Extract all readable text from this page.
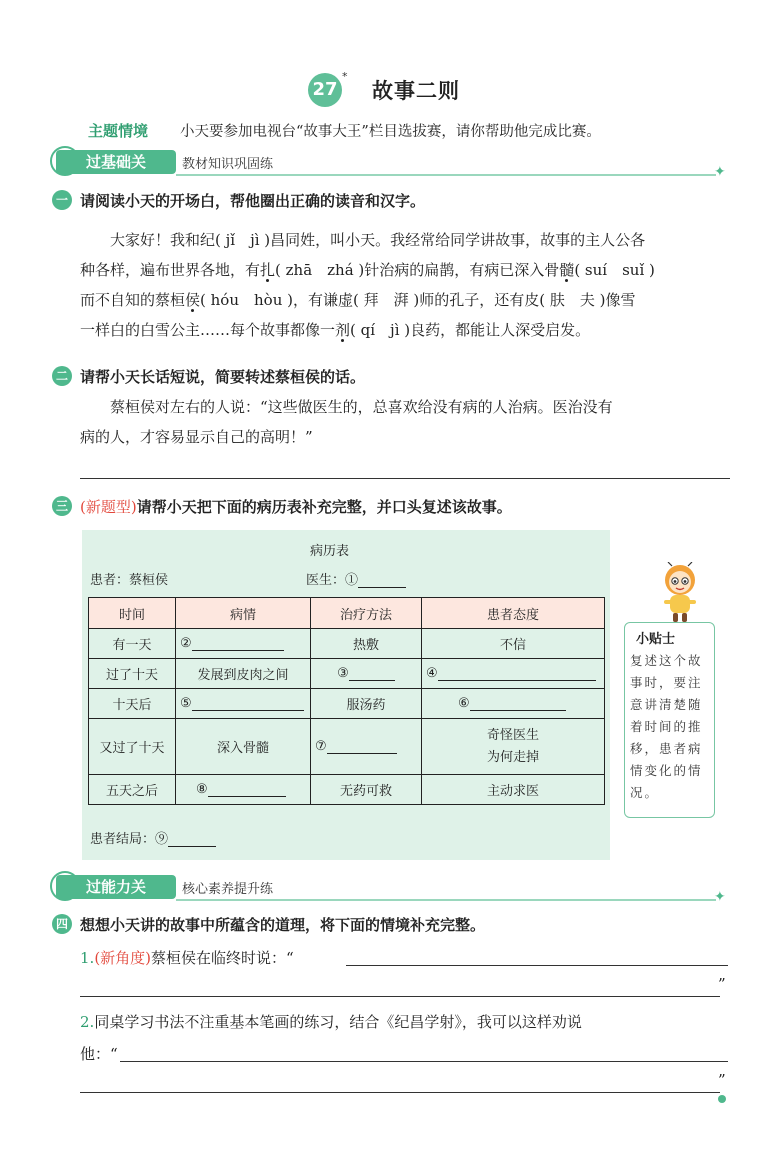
27
*
故事二则
主题情境 小天要参加电视台“故事大王”栏目选拔赛，请你帮助他完成比赛。
过基础关	教材知识巩固练	✦
一 请阅读小天的开场白，帮他圈出正确的读音和汉字。

大家好！我和纪( jǐ　jì )昌同姓，叫小天。我经常给同学讲故事，故事的主人公各

种各样，遍布世界各地，有扎( zhā　zhá )针治病的扁鹊，有病已深入骨髓( suí　suǐ )
而不自知的蔡桓侯( hóu　hòu )，有谦虚( 拜　湃 )师的孔子，还有皮( 肤　夫 )像雪
一样白的白雪公主……每个故事都像一剂( qí　jì )良药，都能让人深受启发。
二 请帮小天长话短说，简要转述蔡桓侯的话。

蔡桓侯对左右的人说：“这些做医生的，总喜欢给没有病的人治病。医治没有

病的人，才容易显示自己的高明！”
三 (新题型)请帮小天把下面的病历表补充完整，并口头复述该故事。
病历表
患者：蔡桓侯	医生：①
时间	病情	治疗方法	患者态度
有一天	②	热敷	不信
过了十天	发展到皮肉之间	③	④
十天后	⑤	服汤药	⑥
又过了十天	深入骨髓	⑦	奇怪医生
为何走掉
五天之后	⑧	无药可救	主动求医
患者结局：⑨
小贴士
复述这个故事时，要注意讲清楚随着时间的推移，患者病情变化的情况。
过能力关	核心素养提升练	✦
四 想想小天讲的故事中所蕴含的道理，将下面的情境补充完整。
1.(新角度)蔡桓侯在临终时说：“
”
2.同桌学习书法不注重基本笔画的练习，结合《纪昌学射》，我可以这样劝说
他：“
”
